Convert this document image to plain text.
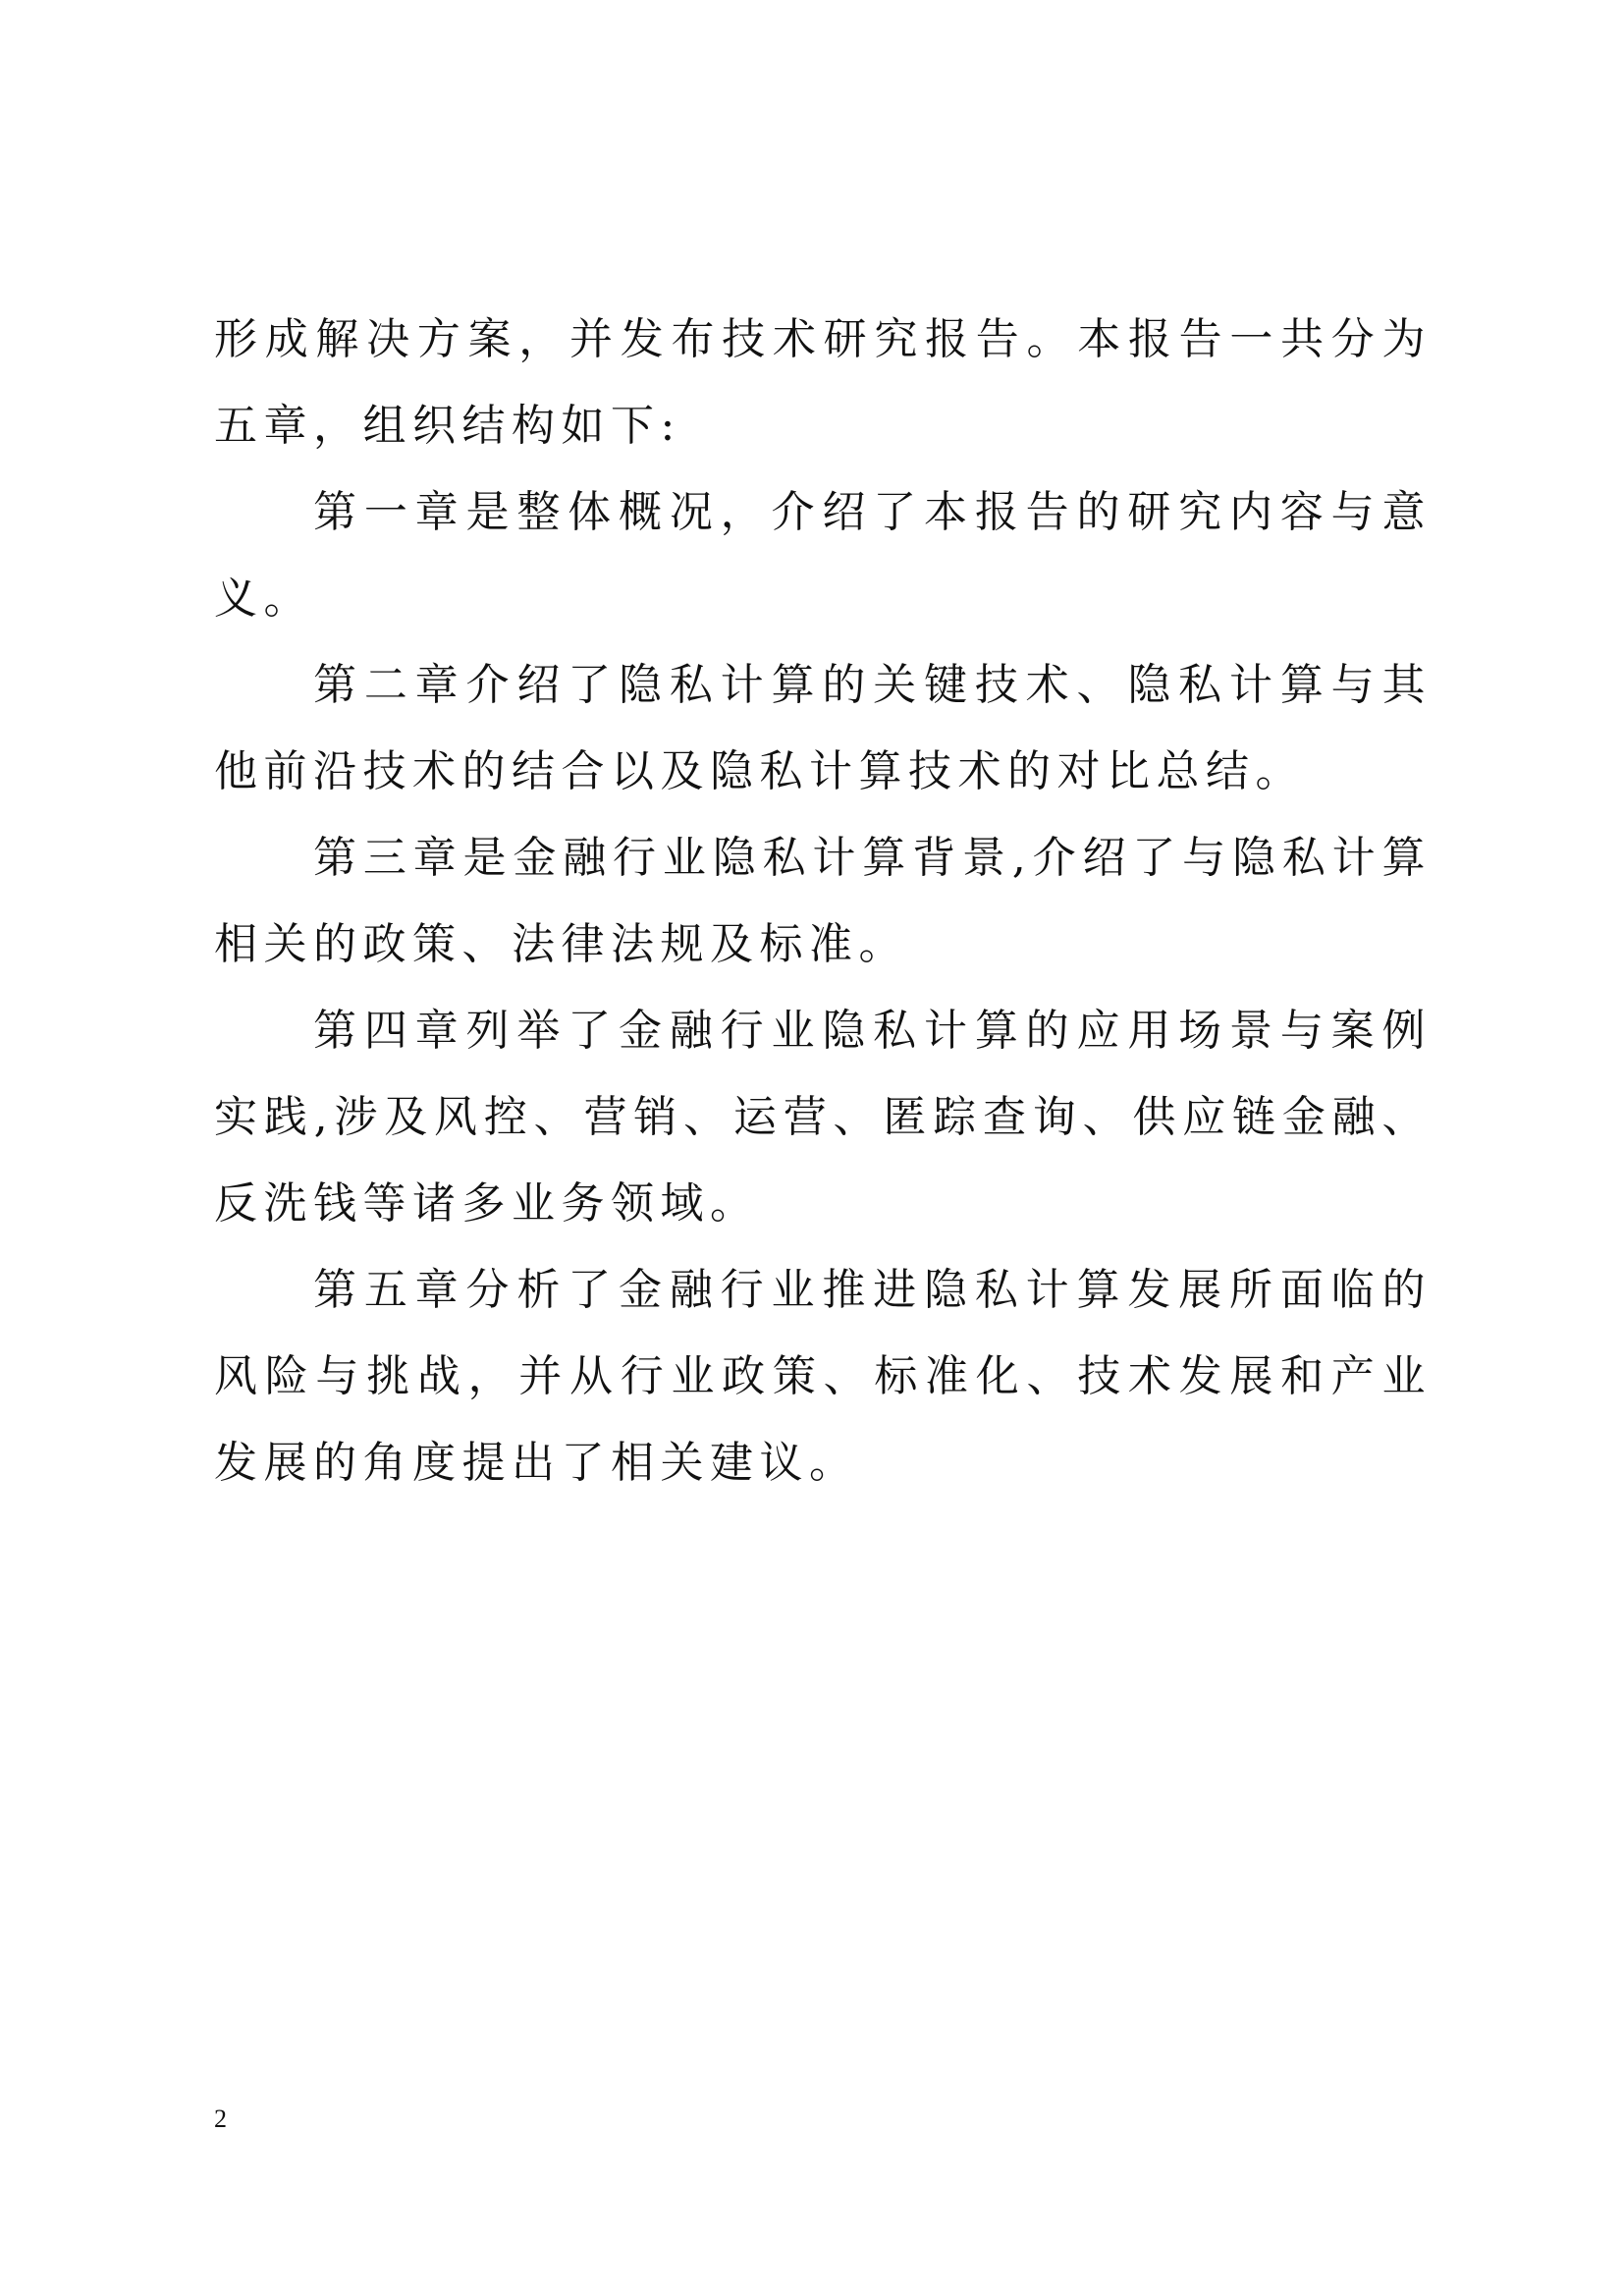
形成解决方案，并发布技术研究报告。本报告一共分为五章，组织结构如下:

第一章是整体概况，介绍了本报告的研究内容与意义。

第二章介绍了隐私计算的关键技术、隐私计算与其他前沿技术的结合以及隐私计算技术的对比总结。

第三章是金融行业隐私计算背景,介绍了与隐私计算相关的政策、法律法规及标准。

第四章列举了金融行业隐私计算的应用场景与案例实践,涉及风控、营销、运营、匿踪查询、供应链金融、反洗钱等诸多业务领域。

第五章分析了金融行业推进隐私计算发展所面临的风险与挑战，并从行业政策、标准化、技术发展和产业发展的角度提出了相关建议。

2
